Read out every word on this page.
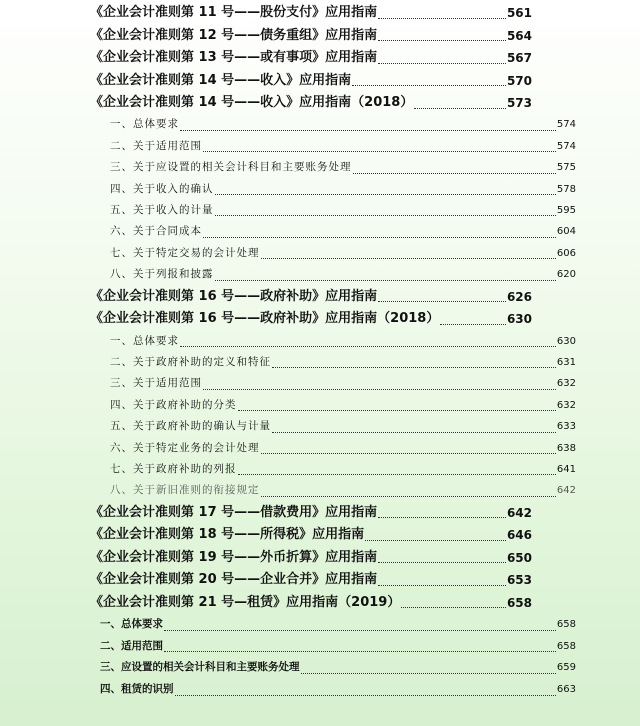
《企业会计准则第 11 号——股份支付》应用指南	561
《企业会计准则第 12 号——债务重组》应用指南	564
《企业会计准则第 13 号——或有事项》应用指南	567
《企业会计准则第 14 号——收入》应用指南	570
《企业会计准则第 14 号——收入》应用指南（2018）	573
一、总体要求	574
二、关于适用范围	574
三、关于应设置的相关会计科目和主要账务处理	575
四、关于收入的确认	578
五、关于收入的计量	595
六、关于合同成本	604
七、关于特定交易的会计处理	606
八、关于列报和披露	620
《企业会计准则第 16 号——政府补助》应用指南	626
《企业会计准则第 16 号——政府补助》应用指南（2018）	630
一、总体要求	630
二、关于政府补助的定义和特征	631
三、关于适用范围	632
四、关于政府补助的分类	632
五、关于政府补助的确认与计量	633
六、关于特定业务的会计处理	638
七、关于政府补助的列报	641
八、关于新旧准则的衔接规定	642
《企业会计准则第 17 号——借款费用》应用指南	642
《企业会计准则第 18 号——所得税》应用指南	646
《企业会计准则第 19 号——外币折算》应用指南	650
《企业会计准则第 20 号——企业合并》应用指南	653
《企业会计准则第 21 号—租赁》应用指南（2019）	658
一、总体要求	658
二、适用范围	658
三、应设置的相关会计科目和主要账务处理	659
四、租赁的识别	663
